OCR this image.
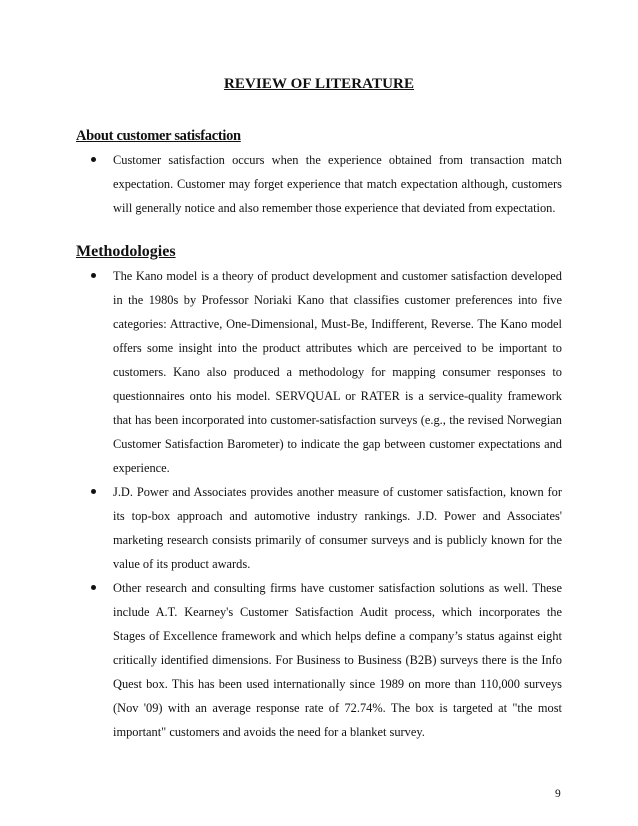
REVIEW OF LITERATURE
About customer satisfaction
Customer satisfaction occurs when the experience obtained from transaction match expectation. Customer may forget experience that match expectation although, customers will generally notice and also remember those experience that deviated from expectation.
Methodologies
The Kano model is a theory of product development and customer satisfaction developed in the 1980s by Professor Noriaki Kano that classifies customer preferences into five categories: Attractive, One-Dimensional, Must-Be, Indifferent, Reverse. The Kano model offers some insight into the product attributes which are perceived to be important to customers. Kano also produced a methodology for mapping consumer responses to questionnaires onto his model. SERVQUAL or RATER is a service-quality framework that has been incorporated into customer-satisfaction surveys (e.g., the revised Norwegian Customer Satisfaction Barometer) to indicate the gap between customer expectations and experience.
J.D. Power and Associates provides another measure of customer satisfaction, known for its top-box approach and automotive industry rankings. J.D. Power and Associates' marketing research consists primarily of consumer surveys and is publicly known for the value of its product awards.
Other research and consulting firms have customer satisfaction solutions as well. These include A.T. Kearney's Customer Satisfaction Audit process, which incorporates the Stages of Excellence framework and which helps define a company’s status against eight critically identified dimensions. For Business to Business (B2B) surveys there is the Info Quest box. This has been used internationally since 1989 on more than 110,000 surveys (Nov '09) with an average response rate of 72.74%. The box is targeted at "the most important" customers and avoids the need for a blanket survey.
9
